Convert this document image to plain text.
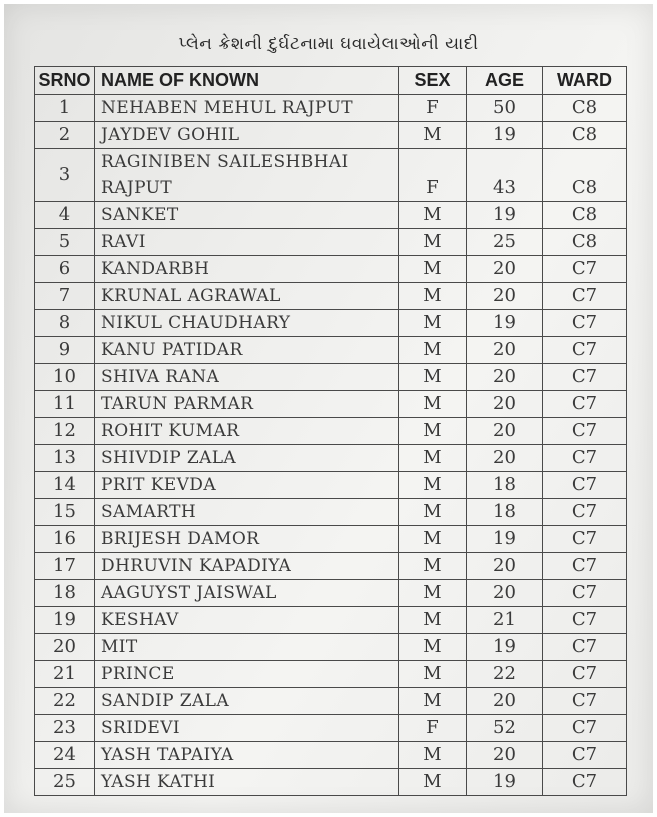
પ્લેન ક્રેશની દુર્ઘટનામા ઘવાયેલાઓની યાદી
SRNO	NAME OF KNOWN	SEX	AGE	WARD
1	NEHABEN MEHUL RAJPUT	F	50	C8
2	JAYDEV GOHIL	M	19	C8
3	RAGINIBEN SAILESHBHAI RAJPUT	F	43	C8
4	SANKET	M	19	C8
5	RAVI	M	25	C8
6	KANDARBH	M	20	C7
7	KRUNAL AGRAWAL	M	20	C7
8	NIKUL CHAUDHARY	M	19	C7
9	KANU PATIDAR	M	20	C7
10	SHIVA RANA	M	20	C7
11	TARUN PARMAR	M	20	C7
12	ROHIT KUMAR	M	20	C7
13	SHIVDIP ZALA	M	20	C7
14	PRIT KEVDA	M	18	C7
15	SAMARTH	M	18	C7
16	BRIJESH DAMOR	M	19	C7
17	DHRUVIN KAPADIYA	M	20	C7
18	AAGUYST JAISWAL	M	20	C7
19	KESHAV	M	21	C7
20	MIT	M	19	C7
21	PRINCE	M	22	C7
22	SANDIP ZALA	M	20	C7
23	SRIDEVI	F	52	C7
24	YASH TAPAIYA	M	20	C7
25	YASH KATHI	M	19	C7
